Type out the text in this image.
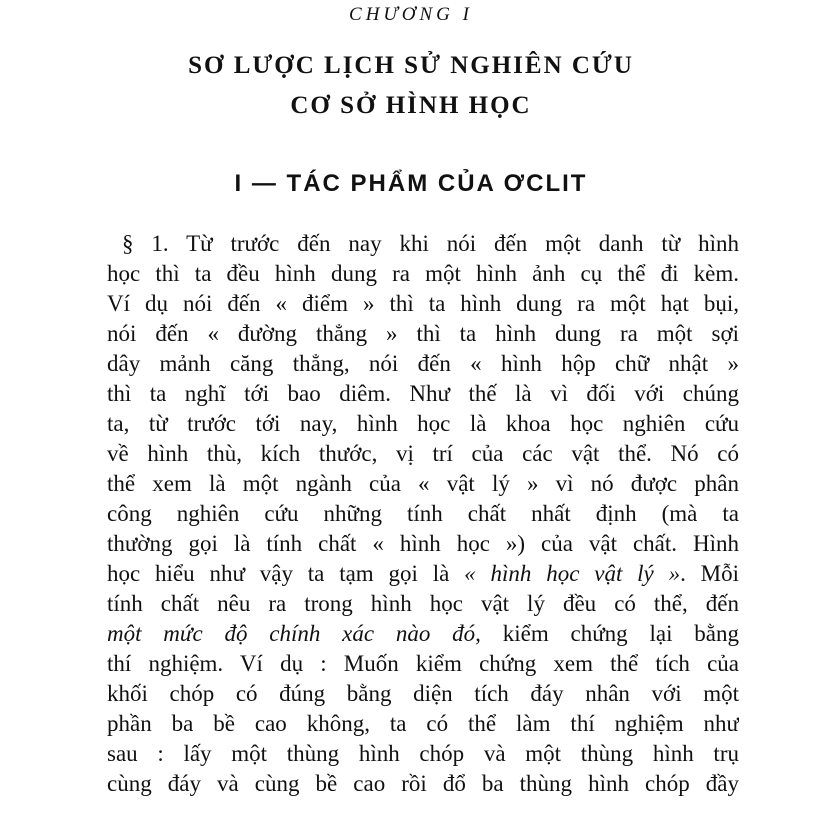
CHƯƠNG I
SƠ LƯỢC LỊCH SỬ NGHIÊN CỨU
CƠ SỞ HÌNH HỌC
I — TÁC PHẨM CỦA ƠCLIT
§ 1. Từ trước đến nay khi nói đến một danh từ hình
học thì ta đều hình dung ra một hình ảnh cụ thể đi kèm.
Ví dụ nói đến « điểm » thì ta hình dung ra một hạt bụi,
nói đến « đường thẳng » thì ta hình dung ra một sợi
dây mảnh căng thẳng, nói đến « hình hộp chữ nhật »
thì ta nghĩ tới bao diêm. Như thế là vì đối với chúng
ta, từ trước tới nay, hình học là khoa học nghiên cứu
về hình thù, kích thước, vị trí của các vật thể. Nó có
thể xem là một ngành của « vật lý » vì nó được phân
công nghiên cứu những tính chất nhất định (mà ta
thường gọi là tính chất « hình học ») của vật chất. Hình
học hiểu như vậy ta tạm gọi là « hình học vật lý ». Mỗi
tính chất nêu ra trong hình học vật lý đều có thể, đến
một mức độ chính xác nào đó, kiểm chứng lại bằng
thí nghiệm. Ví dụ : Muốn kiểm chứng xem thể tích của
khối chóp có đúng bằng diện tích đáy nhân với một
phần ba bề cao không, ta có thể làm thí nghiệm như
sau : lấy một thùng hình chóp và một thùng hình trụ
cùng đáy và cùng bề cao rồi đổ ba thùng hình chóp đầy
